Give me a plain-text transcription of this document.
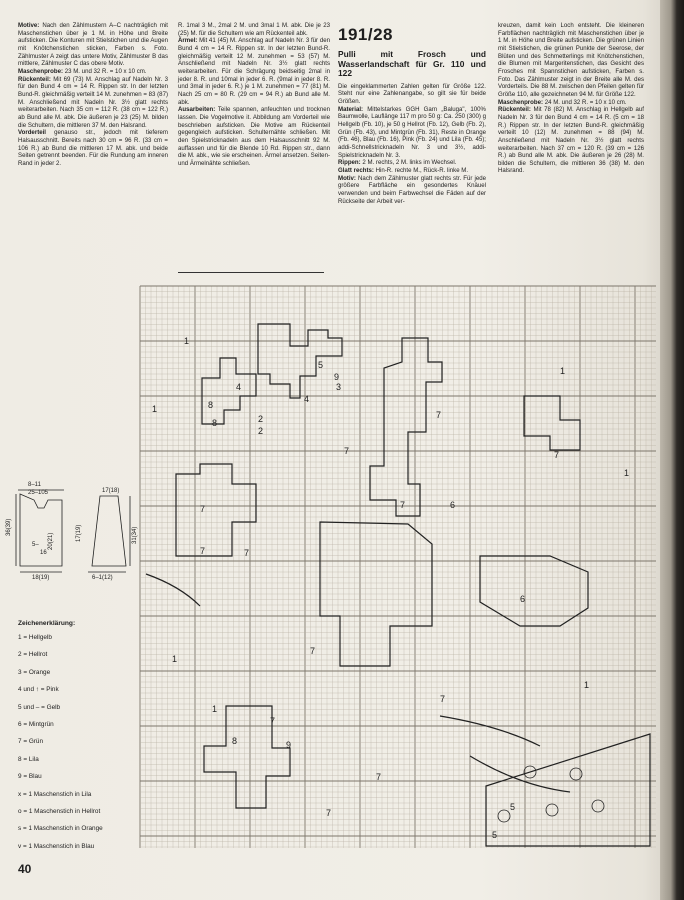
Motive: Nach den Zählmustern A–C nachträglich mit Maschenstichen über je 1 M. in Höhe und Breite aufsticken. Die Konturen mit Stielstichen und die Augen mit Knötchenstichen sticken, Farben s. Foto. Zählmuster A zeigt das untere Motiv, Zählmuster B das mittlere, Zählmuster C das obere Motiv.

Maschenprobe: 23 M. und 32 R. = 10 x 10 cm.

Rückenteil: Mit 69 (73) M. Anschlag auf Nadeln Nr. 3 für den Bund 4 cm = 14 R. Rippen str. In der letzten Bund-R. gleichmäßig verteilt 14 M. zunehmen = 83 (87) M. Anschließend mit Nadeln Nr. 3½ glatt rechts weiterarbeiten. Nach 35 cm = 112 R. (38 cm = 122 R.) ab Bund alle M. abk. Die äußeren je 23 (25) M. bilden die Schultern, die mittleren 37 M. den Halsrand.

Vorderteil genauso str., jedoch mit tieferem Halsausschnitt. Bereits nach 30 cm = 96 R. (33 cm = 106 R.) ab Bund die mittleren 17 M. abk. und beide Seiten getrennt beenden. Für die Rundung am inneren Rand in jeder 2.

R. 1mal 3 M., 2mal 2 M. und 3mal 1 M. abk. Die je 23 (25) M. für die Schultern wie am Rückenteil abk.

Ärmel: Mit 41 (45) M. Anschlag auf Nadeln Nr. 3 für den Bund 4 cm = 14 R. Rippen str. In der letzten Bund-R. gleichmäßig verteilt 12 M. zunehmen = 53 (57) M. Anschließend mit Nadeln Nr. 3½ glatt rechts weiterarbeiten. Für die Schrägung beidseitig 2mal in jeder 8. R. und 10mal in jeder 6. R. (9mal in jeder 8. R. und 3mal in jeder 6. R.) je 1 M. zunehmen = 77 (81) M. Nach 25 cm = 80 R. (29 cm = 94 R.) ab Bund alle M. abk.

Ausarbeiten: Teile spannen, anfeuchten und trocknen lassen. Die Vogelmotive it. Abbildung am Vorderteil wie beschrieben aufsticken. Die Motive am Rückenteil gegengleich aufsticken. Schulternähte schließen. Mit den Spielstricknadeln aus dem Halsausschnitt 92 M. auffassen und für die Blende 10 Rd. Rippen str., dann die M. abk., wie sie erscheinen. Ärmel ansetzen. Seiten- und Ärmelnähte schließen.

191/28
Pulli mit Frosch und Wasserlandschaft für Gr. 110 und 122

Die eingeklammerten Zahlen gelten für Größe 122. Steht nur eine Zahlenangabe, so gilt sie für beide Größen.

Material: Mittelstarkes GGH Garn „Baluga", 100% Baumwolle, Lauflänge 117 m pro 50 g: Ca. 250 (300) g Hellgelb (Fb. 10), je 50 g Hellrot (Fb. 12), Gelb (Fb. 2), Grün (Fb. 43), und Mintgrün (Fb. 31), Reste in Orange (Fb. 46), Blau (Fb. 16), Pink (Fb. 24) und Lila (Fb. 45); addi-Schnellstricknadeln Nr. 3 und 3½, addi-Spielstricknadeln Nr. 3.

Rippen: 2 M. rechts, 2 M. links im Wechsel.

Glatt rechts: Hin-R. rechte M., Rück-R. linke M.

Motiv: Nach dem Zählmuster glatt rechts str. Für jede größere Farbfläche ein gesondertes Knäuel verwenden und beim Farbwechsel die Fäden auf der Rückseite der Arbeit ver-

kreuzen, damit kein Loch entsteht. Die kleineren Farbflächen nachträglich mit Maschenstichen über je 1 M. in Höhe und Breite aufsticken. Die grünen Linien mit Stielstichen, die grünen Punkte der Seerose, der Blüten und des Schmetterlings mit Knötchenstichen, die Blumen mit Margeritenstichen, das Gesicht des Frosches mit Spannstichen aufsticken, Farben s. Foto. Das Zählmuster zeigt in der Breite alle M. des Vorderteils. Die 88 M. zwischen den Pfeilen gelten für Größe 110, alle gezeichneten 94 M. für Größe 122.

Maschenprobe: 24 M. und 32 R. = 10 x 10 cm.

Rückenteil: Mit 78 (82) M. Anschlag in Hellgelb auf Nadeln Nr. 3 für den Bund 4 cm = 14 R. (5 cm = 18 R.) Rippen str. In der letzten Bund-R. gleichmäßig verteilt 10 (12) M. zunehmen = 88 (94) M. Anschließend mit Nadeln Nr. 3½ glatt rechts weiterarbeiten. Nach 37 cm = 120 R. (39 cm = 126 R.) ab Bund alle M. abk. Die äußeren je 26 (28) M. bilden die Schultern, die mittleren 36 (38) M. den Halsrand.

8–11
25–105
36(39)
5–
16
20(21)
17(18)
17(19)	31(34)
18(19)	6–1(12)
Zeichenerklärung:
1 = Hellgelb
2 = Hellrot
3 = Orange
4 und ↑ = Pink
5 und – = Gelb
6 = Mintgrün
7 = Grün
8 = Lila
9 = Blau
x = 1 Maschenstich in Lila
o = 1 Maschenstich in Hellrot
s = 1 Maschenstich in Orange
v = 1 Maschenstich in Blau
1
1
1
1
1
1
1
2
3
4
5
6
7
7
7
7
7
7
7
7
7
8
8
9
9
5
6
4
2
8
7
7
7
5
40
